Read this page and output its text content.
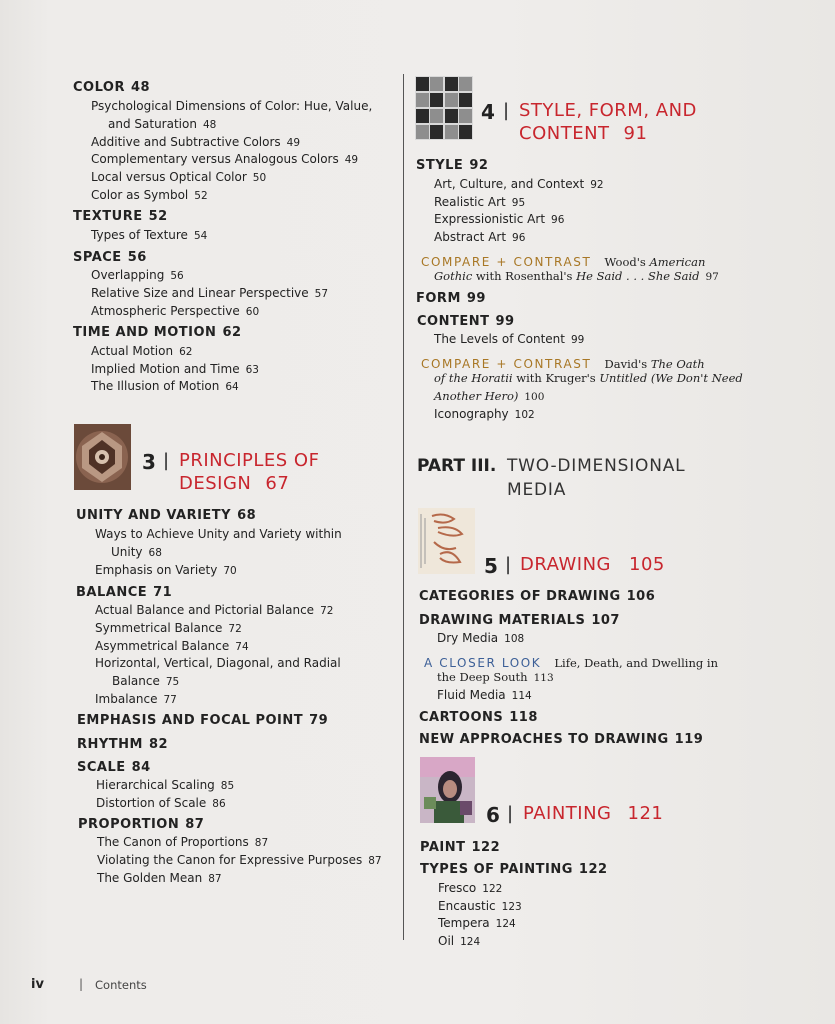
COLOR 48
Psychological Dimensions of Color: Hue, Value,
and Saturation 48
Additive and Subtractive Colors 49
Complementary versus Analogous Colors 49
Local versus Optical Color 50
Color as Symbol 52
TEXTURE 52
Types of Texture 54
SPACE 56
Overlapping 56
Relative Size and Linear Perspective 57
Atmospheric Perspective 60
TIME AND MOTION 62
Actual Motion 62
Implied Motion and Time 63
The Illusion of Motion 64
3 | PRINCIPLES OF
DESIGN 67
UNITY AND VARIETY 68
Ways to Achieve Unity and Variety within
Unity 68
Emphasis on Variety 70
BALANCE 71
Actual Balance and Pictorial Balance 72
Symmetrical Balance 72
Asymmetrical Balance 74
Horizontal, Vertical, Diagonal, and Radial
Balance 75
Imbalance 77
EMPHASIS AND FOCAL POINT 79
RHYTHM 82
SCALE 84
Hierarchical Scaling 85
Distortion of Scale 86
PROPORTION 87
The Canon of Proportions 87
Violating the Canon for Expressive Purposes 87
The Golden Mean 87
4 | STYLE, FORM, AND
CONTENT 91
STYLE 92
Art, Culture, and Context 92
Realistic Art 95
Expressionistic Art 96
Abstract Art 96
COMPARE + CONTRAST Wood's American
Gothic with Rosenthal's He Said . . . She Said 97
FORM 99
CONTENT 99
The Levels of Content 99
COMPARE + CONTRAST David's The Oath
of the Horatii with Kruger's Untitled (We Don't Need
Another Hero) 100
Iconography 102
PART III. TWO-DIMENSIONAL
MEDIA
5 | DRAWING 105
CATEGORIES OF DRAWING 106
DRAWING MATERIALS 107
Dry Media 108
A CLOSER LOOK Life, Death, and Dwelling in
the Deep South 113
Fluid Media 114
CARTOONS 118
NEW APPROACHES TO DRAWING 119
6 | PAINTING 121
PAINT 122
TYPES OF PAINTING 122
Fresco 122
Encaustic 123
Tempera 124
Oil 124
iv	| Contents
